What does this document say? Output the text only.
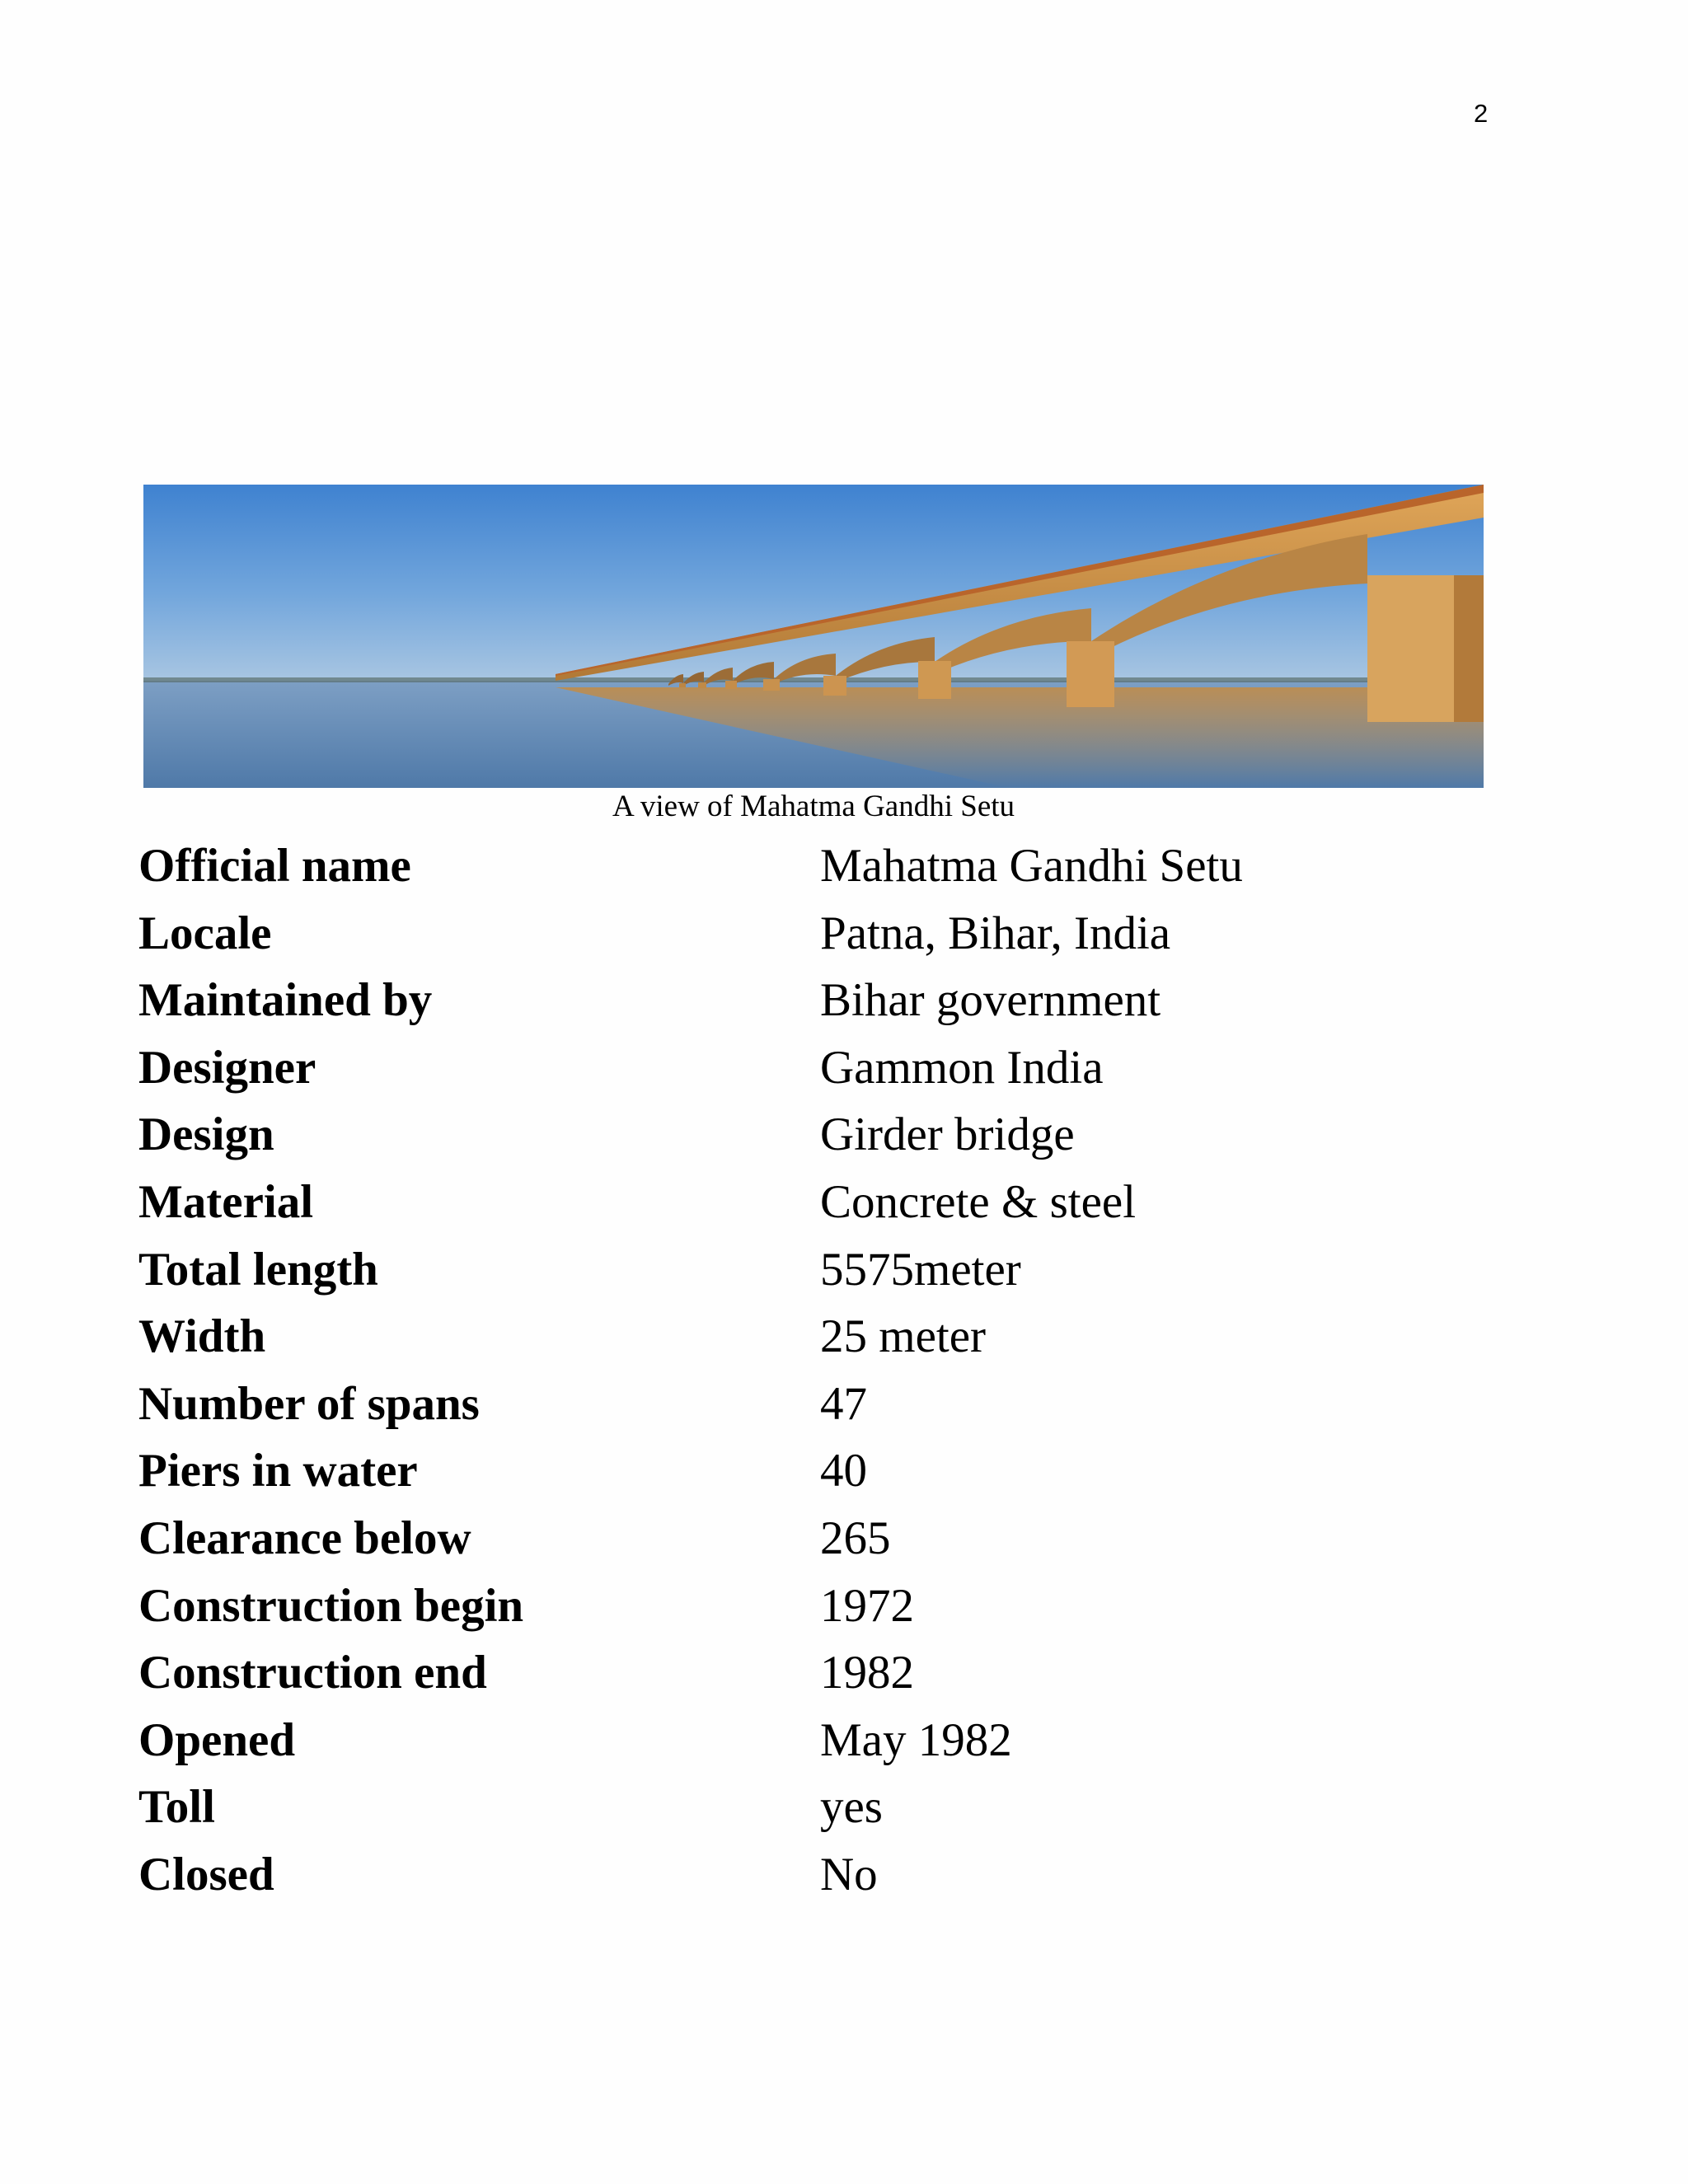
2
A view of Mahatma Gandhi Setu
Official name	Mahatma Gandhi Setu
Locale	Patna, Bihar, India
Maintained by	Bihar government
Designer	Gammon India
Design	Girder bridge
Material	Concrete & steel
Total length	5575meter
Width	25 meter
Number of spans	47
Piers in water	40
Clearance below	265
Construction begin	1972
Construction end	1982
Opened	May 1982
Toll	yes
Closed	No
